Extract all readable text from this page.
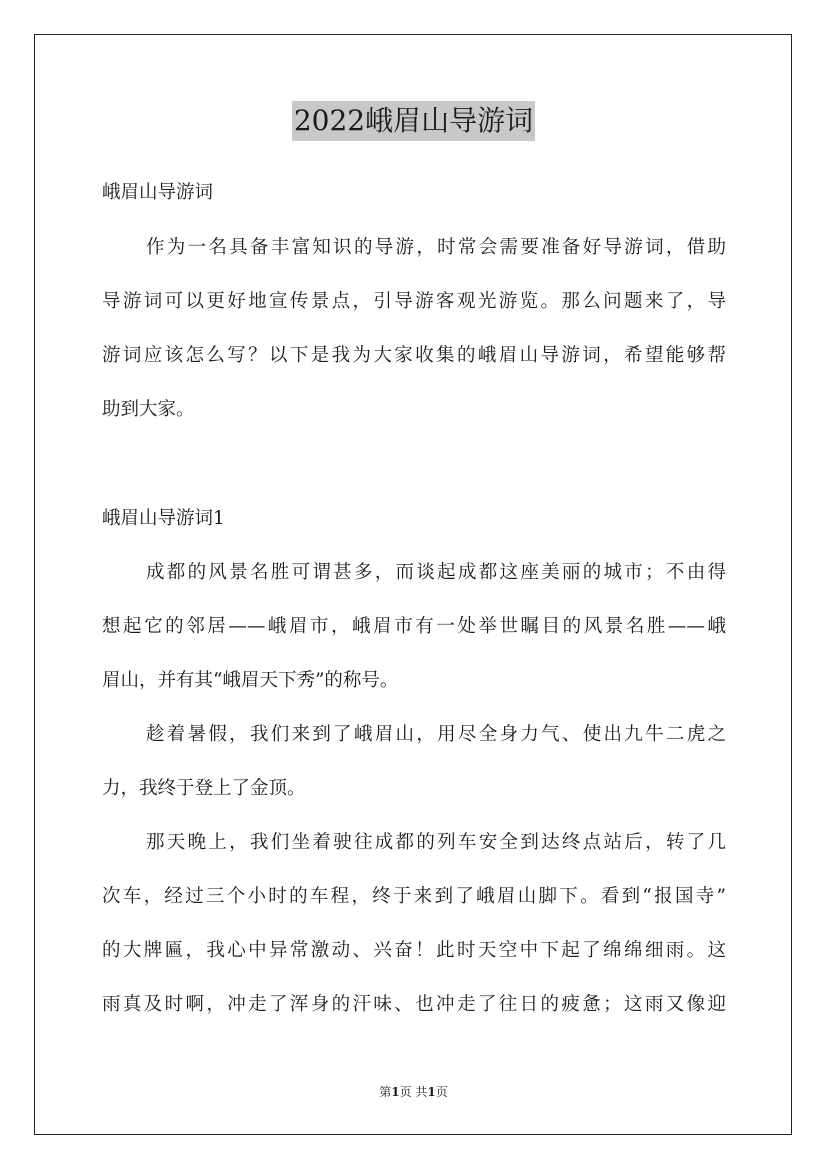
2022峨眉山导游词
峨眉山导游词
作为一名具备丰富知识的导游，时常会需要准备好导游词，借助
导游词可以更好地宣传景点，引导游客观光游览。那么问题来了，导
游词应该怎么写？以下是我为大家收集的峨眉山导游词，希望能够帮
助到大家。
峨眉山导游词1
成都的风景名胜可谓甚多，而谈起成都这座美丽的城市；不由得
想起它的邻居——峨眉市，峨眉市有一处举世瞩目的风景名胜——峨
眉山，并有其“峨眉天下秀”的称号。
趁着暑假，我们来到了峨眉山，用尽全身力气、使出九牛二虎之
力，我终于登上了金顶。
那天晚上，我们坐着驶往成都的列车安全到达终点站后，转了几
次车，经过三个小时的车程，终于来到了峨眉山脚下。看到“报国寺”
的大牌匾，我心中异常激动、兴奋！此时天空中下起了绵绵细雨。这
雨真及时啊，冲走了浑身的汗味、也冲走了往日的疲惫；这雨又像迎
第1页 共1页
